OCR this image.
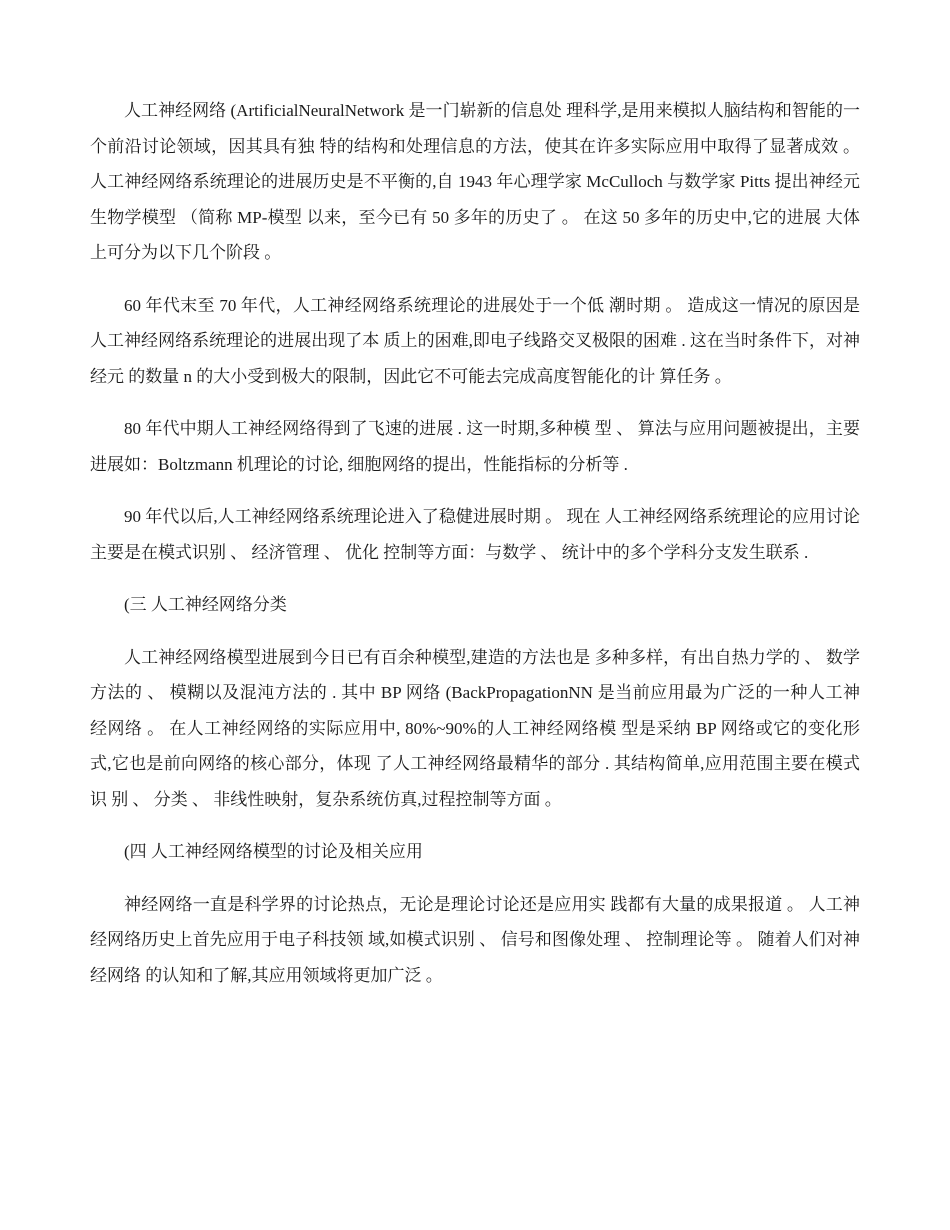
人工神经网络 (ArtificialNeuralNetwork 是一门崭新的信息处 理科学,是用来模拟人脑结构和智能的一个前沿讨论领域，因其具有独 特的结构和处理信息的方法，使其在许多实际应用中取得了显著成效 。 人工神经网络系统理论的进展历史是不平衡的,自 1943 年心理学家 McCulloch 与数学家 Pitts 提出神经元生物学模型 （简称 MP-模型 以来，至今已有 50 多年的历史了 。 在这 50 多年的历史中,它的进展 大体上可分为以下几个阶段 。

60 年代末至 70 年代，人工神经网络系统理论的进展处于一个低 潮时期 。 造成这一情况的原因是人工神经网络系统理论的进展出现了本 质上的困难,即电子线路交叉极限的困难 . 这在当时条件下，对神经元 的数量 n 的大小受到极大的限制，因此它不可能去完成高度智能化的计 算任务 。

80 年代中期人工神经网络得到了飞速的进展 . 这一时期,多种模 型 、 算法与应用问题被提出，主要进展如：Boltzmann 机理论的讨论, 细胞网络的提出，性能指标的分析等 .

90 年代以后,人工神经网络系统理论进入了稳健进展时期 。 现在 人工神经网络系统理论的应用讨论主要是在模式识别 、 经济管理 、 优化 控制等方面：与数学 、 统计中的多个学科分支发生联系 .

(三 人工神经网络分类

人工神经网络模型进展到今日已有百余种模型,建造的方法也是 多种多样，有出自热力学的 、 数学方法的 、 模糊以及混沌方法的 . 其中 BP 网络 (BackPropagationNN 是当前应用最为广泛的一种人工神 经网络 。 在人工神经网络的实际应用中, 80%~90%的人工神经网络模 型是采纳 BP 网络或它的变化形式,它也是前向网络的核心部分，体现 了人工神经网络最精华的部分 . 其结构简单,应用范围主要在模式识 别 、 分类 、 非线性映射，复杂系统仿真,过程控制等方面 。

(四 人工神经网络模型的讨论及相关应用

神经网络一直是科学界的讨论热点，无论是理论讨论还是应用实 践都有大量的成果报道 。 人工神经网络历史上首先应用于电子科技领 域,如模式识别 、 信号和图像处理 、 控制理论等 。 随着人们对神经网络 的认知和了解,其应用领域将更加广泛 。
